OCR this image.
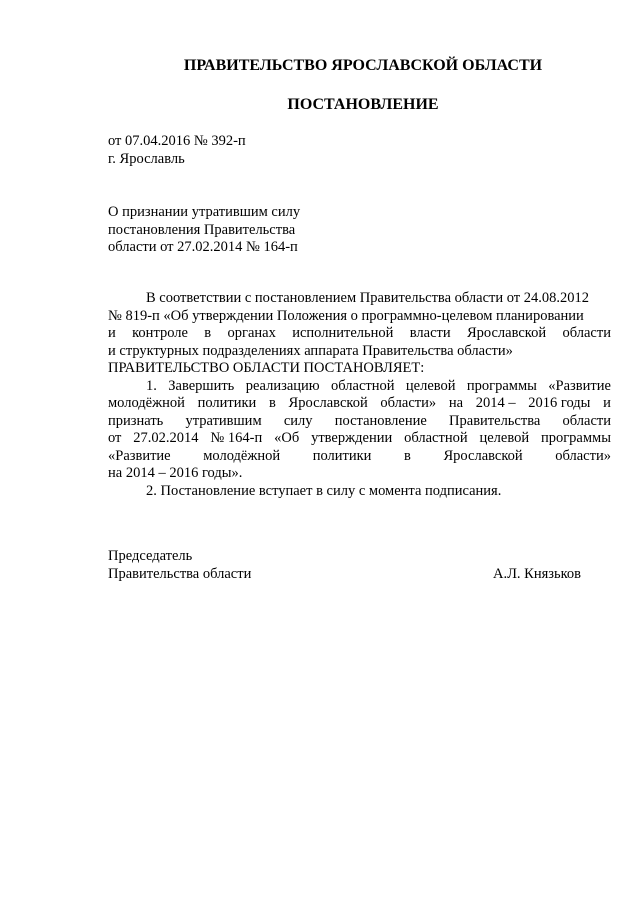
ПРАВИТЕЛЬСТВО ЯРОСЛАВСКОЙ ОБЛАСТИ
ПОСТАНОВЛЕНИЕ
от 07.04.2016 № 392-п
г. Ярославль
О признании утратившим силу
постановления Правительства
области от 27.02.2014 № 164-п
В соответствии с постановлением Правительства области от 24.08.2012
№ 819-п «Об утверждении Положения о программно-целевом планировании
и контроле в органах исполнительной власти Ярославской области
и структурных подразделениях аппарата Правительства области»
ПРАВИТЕЛЬСТВО ОБЛАСТИ ПОСТАНОВЛЯЕТ:
1. Завершить реализацию областной целевой программы «Развитие
молодёжной политики в Ярославской области» на 2014 – 2016 годы и
признать утратившим силу постановление Правительства области
от 27.02.2014 № 164-п «Об утверждении областной целевой программы
«Развитие молодёжной политики в Ярославской области»
на 2014 – 2016 годы».
2. Постановление вступает в силу с момента подписания.
Председатель
Правительства области	А.Л. Князьков
